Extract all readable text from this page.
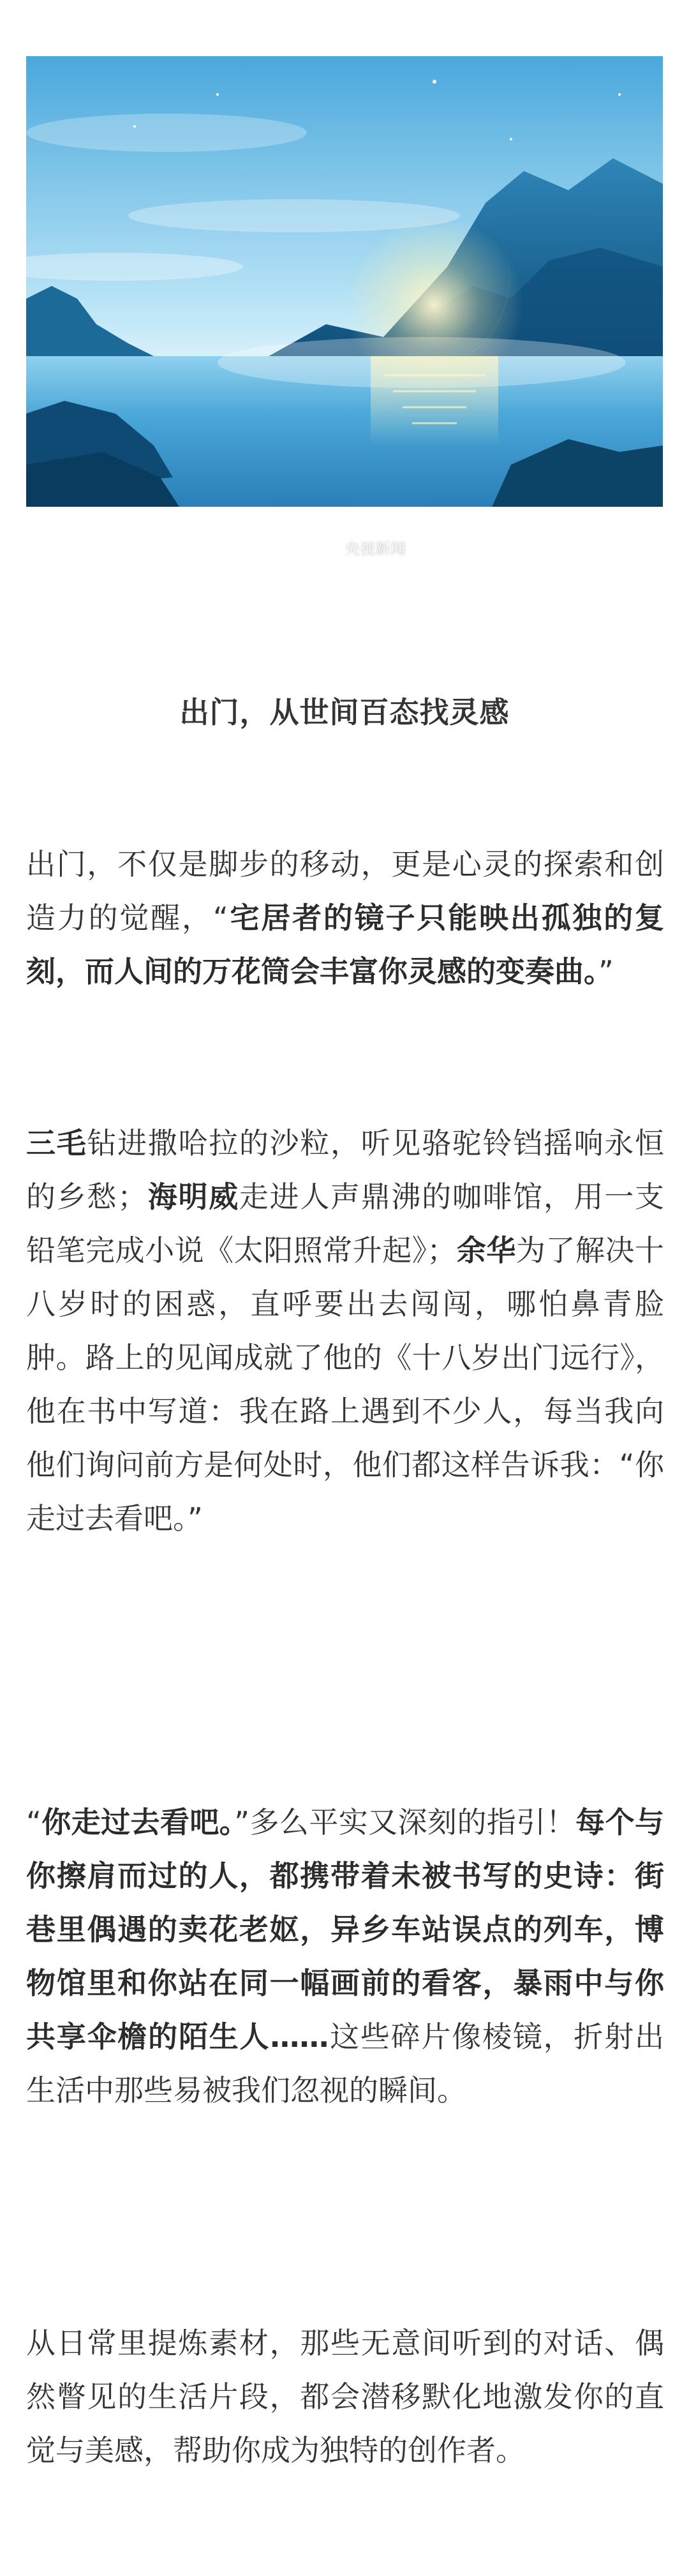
央视新闻
出门，从世间百态找灵感

出门，不仅是脚步的移动，更是心灵的探索和创造力的觉醒，“宅居者的镜子只能映出孤独的复刻，而人间的万花筒会丰富你灵感的变奏曲。”

三毛钻进撒哈拉的沙粒，听见骆驼铃铛摇响永恒的乡愁；海明威走进人声鼎沸的咖啡馆，用一支铅笔完成小说《太阳照常升起》；余华为了解决十八岁时的困惑，直呼要出去闯闯，哪怕鼻青脸肿。路上的见闻成就了他的《十八岁出门远行》，他在书中写道：我在路上遇到不少人，每当我向他们询问前方是何处时，他们都这样告诉我：“你走过去看吧。”

“你走过去看吧。”多么平实又深刻的指引！每个与你擦肩而过的人，都携带着未被书写的史诗：街巷里偶遇的卖花老妪，异乡车站误点的列车，博物馆里和你站在同一幅画前的看客，暴雨中与你共享伞檐的陌生人……这些碎片像棱镜，折射出生活中那些易被我们忽视的瞬间。

从日常里提炼素材，那些无意间听到的对话、偶然瞥见的生活片段，都会潜移默化地激发你的直觉与美感，帮助你成为独特的创作者。
